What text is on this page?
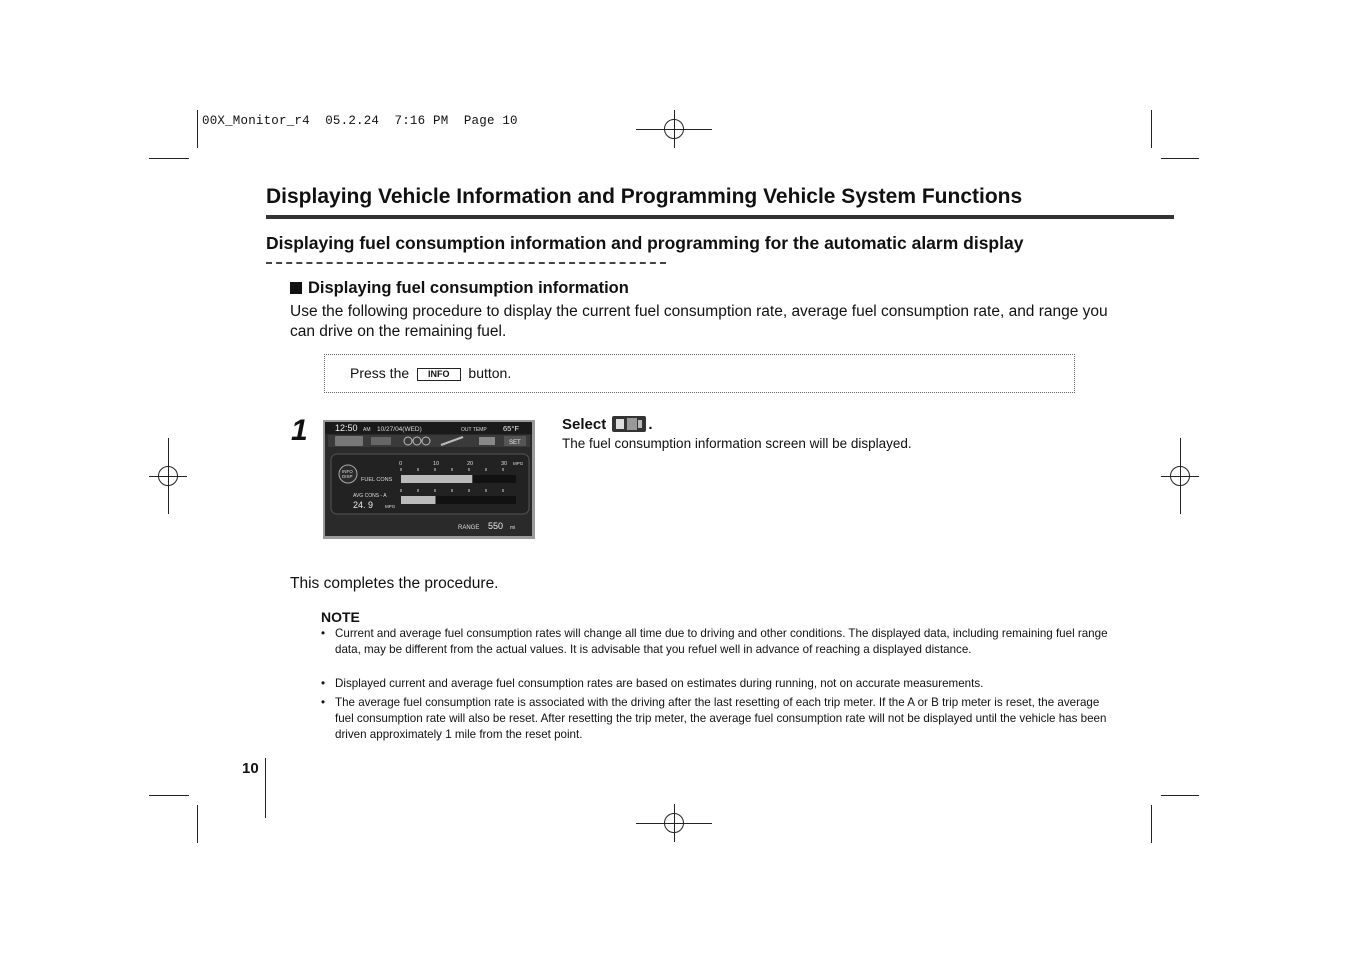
00X_Monitor_r4  05.2.24  7:16 PM  Page 10
Displaying Vehicle Information and Programming Vehicle System Functions
Displaying fuel consumption information and programming for the automatic alarm display
Displaying fuel consumption information
Use the following procedure to display the current fuel consumption rate, average fuel consumption rate, and range you can drive on the remaining fuel.
Press the INFO button.
1	12:50 AM 10/27/04(WED)	OUT TEMP 65°F
SET
0	10	20	30 MPG
INFO
DISP
FUEL CONS
AVG CONS - A
24. 9	MPG
RANGE 550 mi
Select	.
The fuel consumption information screen will be displayed.
This completes the procedure.
NOTE
• Current and average fuel consumption rates will change all time due to driving and other conditions. The displayed data, including remaining fuel range data, may be different from the actual values. It is advisable that you refuel well in advance of reaching a displayed distance.
• Displayed current and average fuel consumption rates are based on estimates during running, not on accurate measurements.
• The average fuel consumption rate is associated with the driving after the last resetting of each trip meter. If the A or B trip meter is reset, the average fuel consumption rate will also be reset. After resetting the trip meter, the average fuel consumption rate will not be displayed until the vehicle has been driven approximately 1 mile from the reset point.
10
